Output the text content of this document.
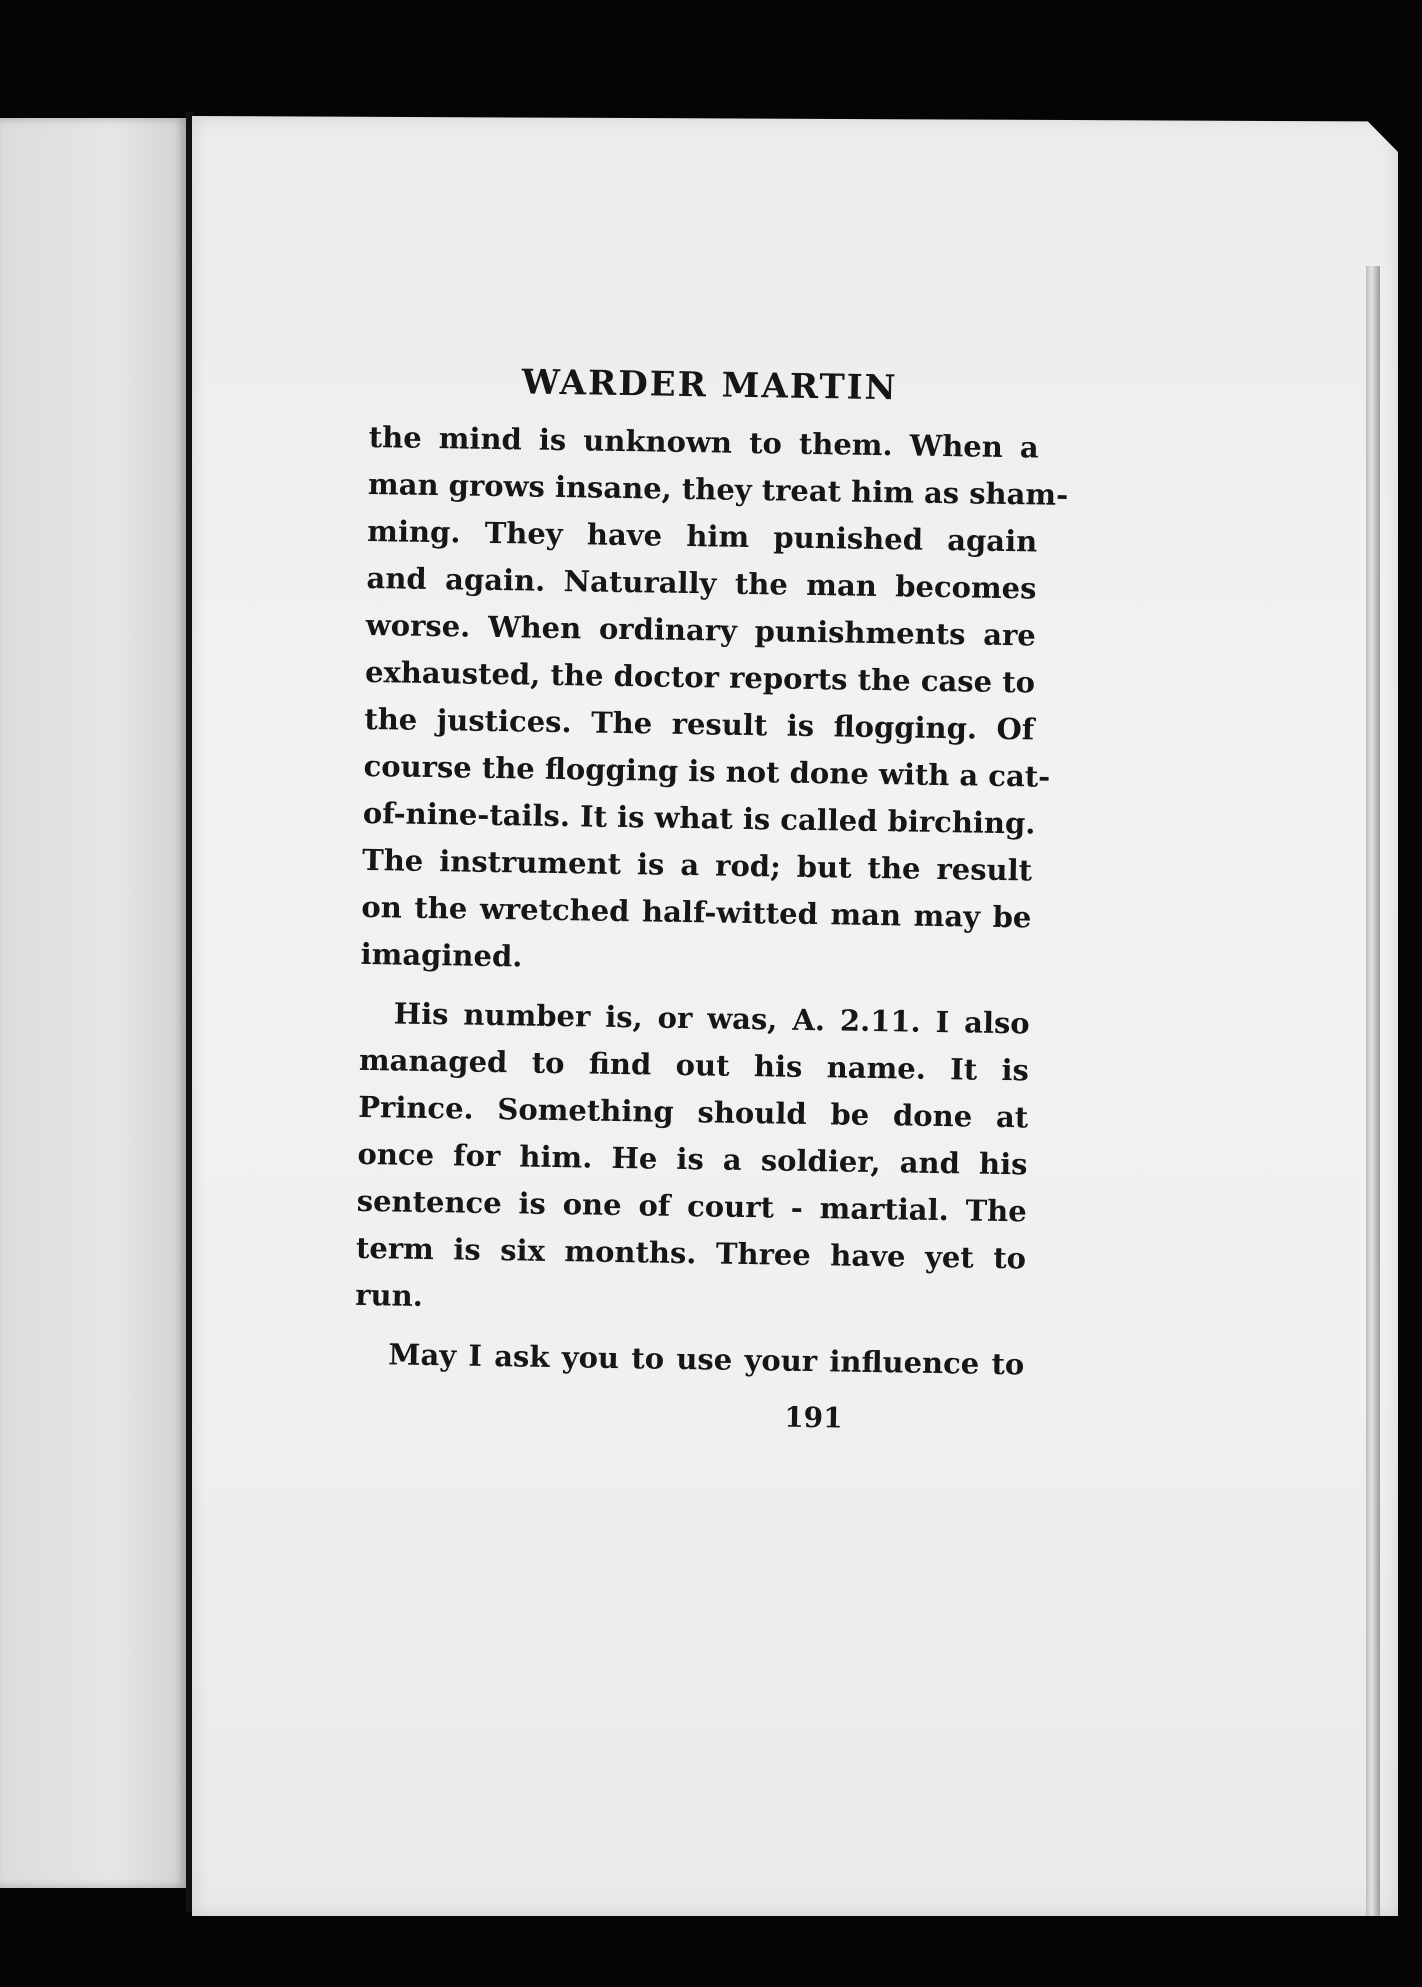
WARDER MARTIN

the mind is unknown to them. When a
man grows insane, they treat him as sham-
ming. They have him punished again
and again. Naturally the man becomes
worse. When ordinary punishments are
exhausted, the doctor reports the case to
the justices. The result is flogging. Of
course the flogging is not done with a cat-
of-nine-tails. It is what is called birching.
The instrument is a rod; but the result
on the wretched half-witted man may be
imagined.

His number is, or was, A. 2.11. I also
managed to find out his name. It is
Prince. Something should be done at
once for him. He is a soldier, and his
sentence is one of court - martial. The
term is six months. Three have yet to
run.

May I ask you to use your influence to

191
